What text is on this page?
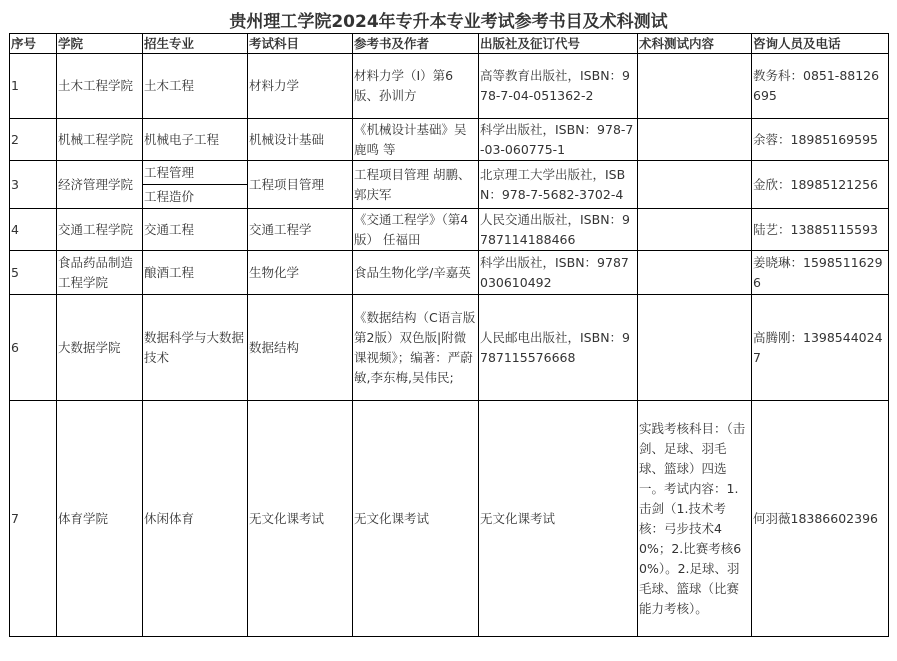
贵州理工学院2024年专升本专业考试参考书目及术科测试
序号	学院	招生专业	考试科目	参考书及作者	出版社及征订代号	术科测试内容	咨询人员及电话
1	土木工程学院	土木工程	材料力学	材料力学（Ⅰ）第6版、孙训方	高等教育出版社，ISBN：978-7-04-051362-2		教务科：0851-88126695
2	机械工程学院	机械电子工程	机械设计基础	《机械设计基础》吴鹿鸣 等	科学出版社，ISBN：978-7-03-060775-1		余蓉：18985169595
3	经济管理学院	工程管理	工程项目管理	工程项目管理 胡鹏、郭庆军	北京理工大学出版社，ISBN：978-7-5682-3702-4		金欣：18985121256
		工程造价					
4	交通工程学院	交通工程	交通工程学	《交通工程学》（第4版） 任福田	人民交通出版社，ISBN：9787114188466		陆艺：13885115593
5	食品药品制造工程学院	酿酒工程	生物化学	食品生物化学/辛嘉英	科学出版社，ISBN：9787030610492		姜晓琳：15985116296
6	大数据学院	数据科学与大数据技术	数据结构	《数据结构（C语言版 第2版）双色版|附微课视频》；编著：严蔚敏,李东梅,吴伟民;	人民邮电出版社，ISBN：9787115576668		高腾刚：13985440247
7	体育学院	休闲体育	无文化课考试	无文化课考试	无文化课考试	实践考核科目：（击剑、足球、羽毛球、篮球）四选一。考试内容：1.击剑（1.技术考核：弓步技术40%；2.比赛考核60%）。2.足球、羽毛球、篮球（比赛能力考核）。	何羽薇18386602396
